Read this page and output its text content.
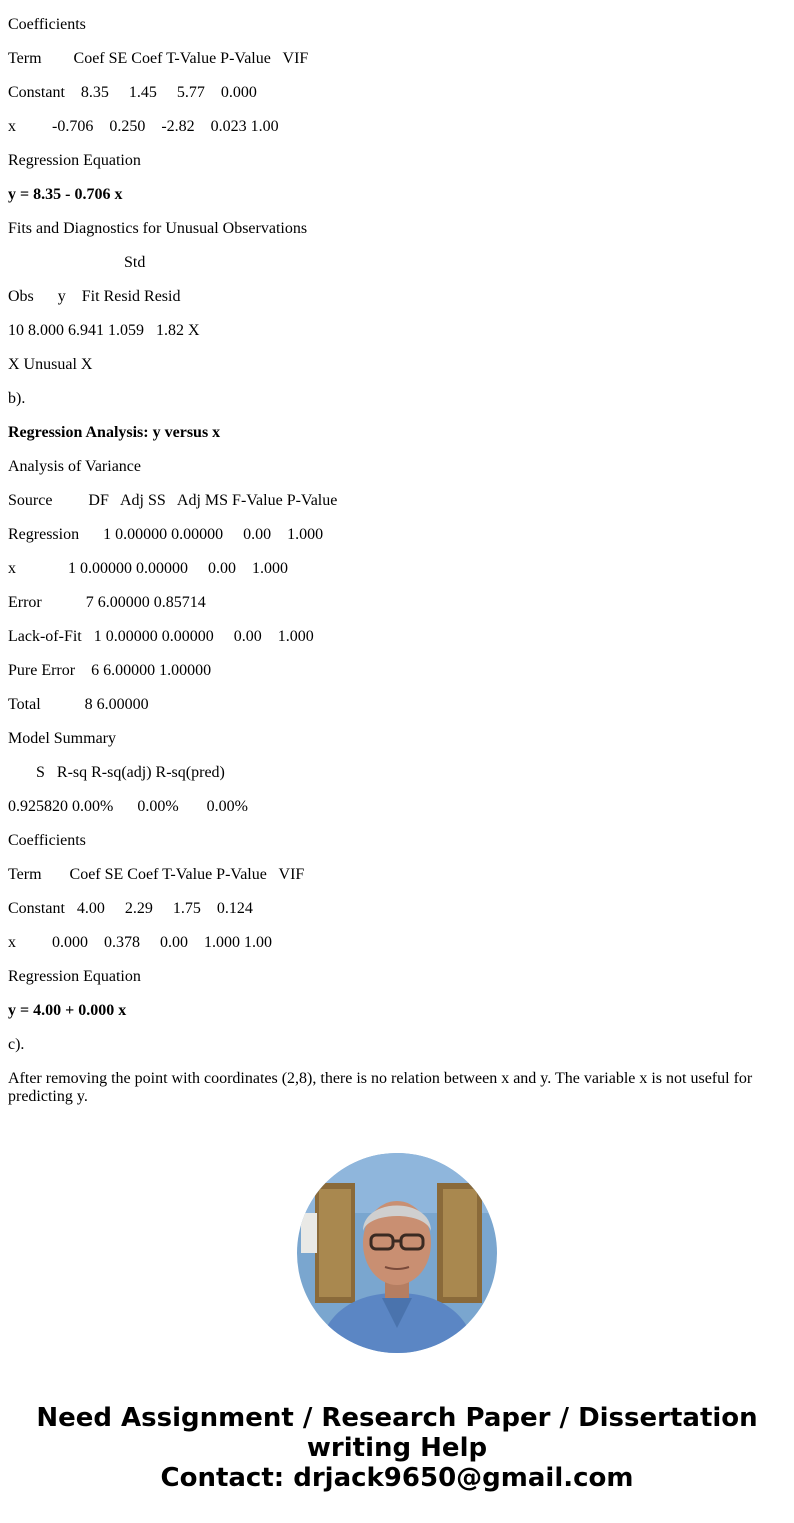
Coefficients

Term        Coef SE Coef T-Value P-Value   VIF

Constant    8.35     1.45     5.77    0.000

x         -0.706    0.250    -2.82    0.023 1.00

Regression Equation

y = 8.35 - 0.706 x

Fits and Diagnostics for Unusual Observations

Std

Obs      y    Fit Resid Resid

10 8.000 6.941 1.059   1.82 X

X Unusual X

b).

Regression Analysis: y versus x

Analysis of Variance

Source         DF   Adj SS   Adj MS F-Value P-Value

Regression      1 0.00000 0.00000     0.00    1.000

x             1 0.00000 0.00000     0.00    1.000

Error           7 6.00000 0.85714

Lack-of-Fit   1 0.00000 0.00000     0.00    1.000

Pure Error    6 6.00000 1.00000

Total           8 6.00000

Model Summary

S   R-sq R-sq(adj) R-sq(pred)

0.925820 0.00%      0.00%       0.00%

Coefficients

Term       Coef SE Coef T-Value P-Value   VIF

Constant   4.00     2.29     1.75    0.124

x         0.000    0.378     0.00    1.000 1.00

Regression Equation

y = 4.00 + 0.000 x

c).

After removing the point with coordinates (2,8), there is no relation between x and y. The variable x is not useful for predicting y.

Need Assignment / Research Paper / Dissertation
writing Help
Contact: drjack9650@gmail.com
